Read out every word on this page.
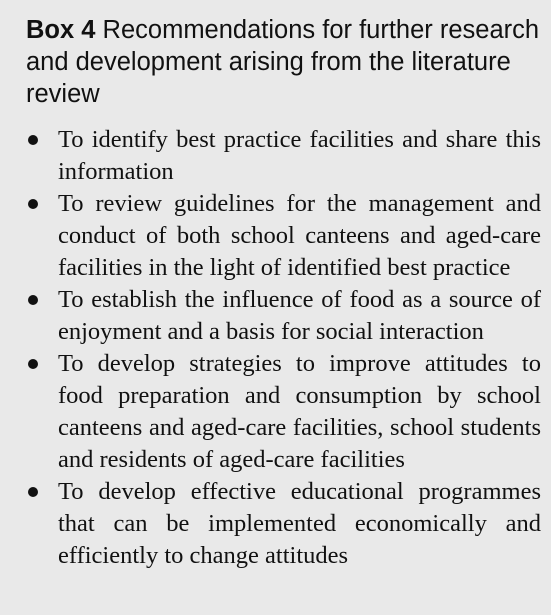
Box 4 Recommendations for further research and development arising from the literature review
To identify best practice facilities and share this information
To review guidelines for the management and conduct of both school canteens and aged-care facilities in the light of identified best practice
To establish the influence of food as a source of enjoyment and a basis for social interaction
To develop strategies to improve attitudes to food preparation and consumption by school canteens and aged-care facilities, school students and residents of aged-care facilities
To develop effective educational programmes that can be implemented economically and efficiently to change attitudes
